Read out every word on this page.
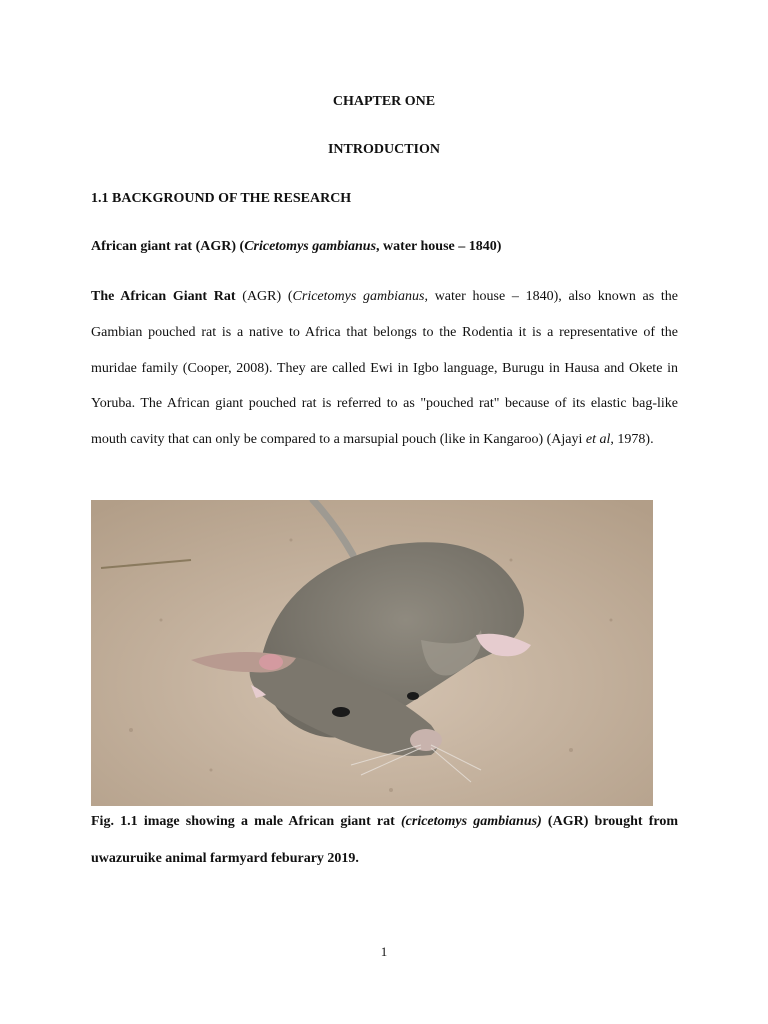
CHAPTER ONE

INTRODUCTION

1.1 BACKGROUND OF THE RESEARCH

African giant rat (AGR) (Cricetomys gambianus, water house – 1840)

The African Giant Rat (AGR) (Cricetomys gambianus, water house – 1840), also known as the Gambian pouched rat is a native to Africa that belongs to the Rodentia it is a representative of the muridae family (Cooper, 2008). They are called Ewi in Igbo language, Burugu in Hausa and Okete in Yoruba. The African giant pouched rat is referred to as "pouched rat" because of its elastic bag-like mouth cavity that can only be compared to a marsupial pouch (like in Kangaroo) (Ajayi et al, 1978).

Fig. 1.1 image showing a male African giant rat (cricetomys gambianus) (AGR) brought from uwazuruike animal farmyard feburary 2019.

1
